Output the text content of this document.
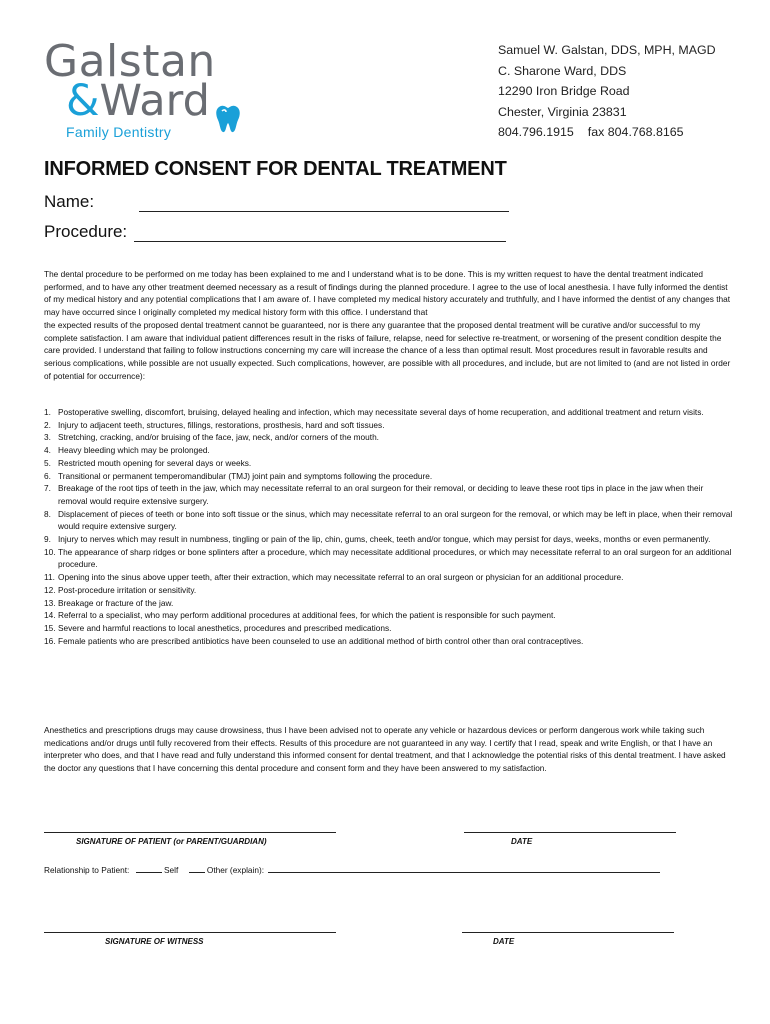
Galstan
&Ward
Family Dentistry
Samuel W. Galstan, DDS, MPH, MAGD
C. Sharone Ward, DDS
12290 Iron Bridge Road
Chester, Virginia 23831
804.796.1915 fax 804.768.8165
INFORMED CONSENT FOR DENTAL TREATMENT
Name:
Procedure:

The dental procedure to be performed on me today has been explained to me and I understand what is to be done. This is my written request to have the dental treatment indicated performed, and to have any other treatment deemed necessary as a result of findings during the planned procedure. I agree to the use of local anesthesia. I have fully informed the dentist of my medical history and any potential complications that I am aware of. I have completed my medical history accurately and truthfully, and I have informed the dentist of any changes that may have occurred since I originally completed my medical history form with this office. I understand that

the expected results of the proposed dental treatment cannot be guaranteed, nor is there any guarantee that the proposed dental treatment will be curative and/or successful to my complete satisfaction. I am aware that individual patient differences result in the risks of failure, relapse, need for selective re-treatment, or worsening of the present condition despite the care provided. I understand that failing to follow instructions concerning my care will increase the chance of a less than optimal result. Most procedures result in favorable results and serious complications, while possible are not usually expected. Such complications, however, are possible with all procedures, and include, but are not limited to (and are not listed in order of potential for occurrence):

1. Postoperative swelling, discomfort, bruising, delayed healing and infection, which may necessitate several days of home recuperation, and additional treatment and return visits.
2. Injury to adjacent teeth, structures, fillings, restorations, prosthesis, hard and soft tissues.
3. Stretching, cracking, and/or bruising of the face, jaw, neck, and/or corners of the mouth.
4. Heavy bleeding which may be prolonged.
5. Restricted mouth opening for several days or weeks.
6. Transitional or permanent temperomandibular (TMJ) joint pain and symptoms following the procedure.
7. Breakage of the root tips of teeth in the jaw, which may necessitate referral to an oral surgeon for their removal, or deciding to leave these root tips in place in the jaw when their removal would require extensive surgery.
8. Displacement of pieces of teeth or bone into soft tissue or the sinus, which may necessitate referral to an oral surgeon for the removal, or which may be left in place, when their removal would require extensive surgery.
9. Injury to nerves which may result in numbness, tingling or pain of the lip, chin, gums, cheek, teeth and/or tongue, which may persist for days, weeks, months or even permanently.
10. The appearance of sharp ridges or bone splinters after a procedure, which may necessitate additional procedures, or which may necessitate referral to an oral surgeon for an additional procedure.
11. Opening into the sinus above upper teeth, after their extraction, which may necessitate referral to an oral surgeon or physician for an additional procedure.
12. Post-procedure irritation or sensitivity.
13. Breakage or fracture of the jaw.
14. Referral to a specialist, who may perform additional procedures at additional fees, for which the patient is responsible for such payment.
15. Severe and harmful reactions to local anesthetics, procedures and prescribed medications.
16. Female patients who are prescribed antibiotics have been counseled to use an additional method of birth control other than oral contraceptives.

Anesthetics and prescriptions drugs may cause drowsiness, thus I have been advised not to operate any vehicle or hazardous devices or perform dangerous work while taking such medications and/or drugs until fully recovered from their effects. Results of this procedure are not guaranteed in any way. I certify that I read, speak and write English, or that I have an interpreter who does, and that I have read and fully understand this informed consent for dental treatment, and that I acknowledge the potential risks of this dental treatment. I have asked the doctor any questions that I have concerning this dental procedure and consent form and they have been answered to my satisfaction.

SIGNATURE OF PATIENT (or PARENT/GUARDIAN)	DATE
Relationship to Patient:	Self	Other (explain):
SIGNATURE OF WITNESS	DATE
